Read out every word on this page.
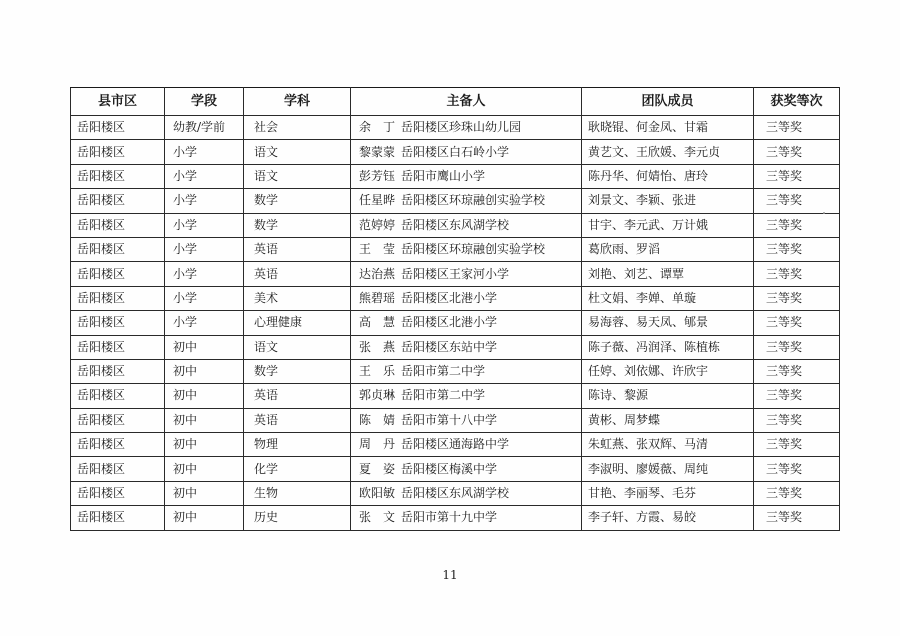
县市区	学段	学科	主备人	团队成员	获奖等次
岳阳楼区	幼教/学前	社会	余　丁 岳阳楼区珍珠山幼儿园	耿晓锟、何金凤、甘霜	三等奖
岳阳楼区	小学	语文	黎蒙蒙 岳阳楼区白石岭小学	黄艺文、王欣媛、李元贞	三等奖
岳阳楼区	小学	语文	彭芳钰 岳阳市鹰山小学	陈丹华、何婧怡、唐玲	三等奖
岳阳楼区	小学	数学	任星晔 岳阳楼区环琼融创实验学校	刘景文、李颖、张进	三等奖
岳阳楼区	小学	数学	范婷婷 岳阳楼区东风湖学校	甘宇、李元武、万计娥	三等奖
岳阳楼区	小学	英语	王　莹 岳阳楼区环琼融创实验学校	葛欣雨、罗滔	三等奖
岳阳楼区	小学	英语	达治燕 岳阳楼区王家河小学	刘艳、刘艺、谭覃	三等奖
岳阳楼区	小学	美术	熊碧瑶 岳阳楼区北港小学	杜文娟、李婵、单璇	三等奖
岳阳楼区	小学	心理健康	高　慧 岳阳楼区北港小学	易海蓉、易天凤、郇景	三等奖
岳阳楼区	初中	语文	张　燕 岳阳楼区东站中学	陈子薇、冯润泽、陈植栋	三等奖
岳阳楼区	初中	数学	王　乐 岳阳市第二中学	任婷、刘依娜、许欣宇	三等奖
岳阳楼区	初中	英语	郭贞琳 岳阳市第二中学	陈诗、黎源	三等奖
岳阳楼区	初中	英语	陈　婧 岳阳市第十八中学	黄彬、周梦蝶	三等奖
岳阳楼区	初中	物理	周　丹 岳阳楼区通海路中学	朱虹燕、张双辉、马清	三等奖
岳阳楼区	初中	化学	夏　姿 岳阳楼区梅溪中学	李淑明、廖媛薇、周纯	三等奖
岳阳楼区	初中	生物	欧阳敏 岳阳楼区东风湖学校	甘艳、李丽琴、毛芬	三等奖
岳阳楼区	初中	历史	张　文 岳阳市第十九中学	李子轩、方霞、易皎	三等奖
11
